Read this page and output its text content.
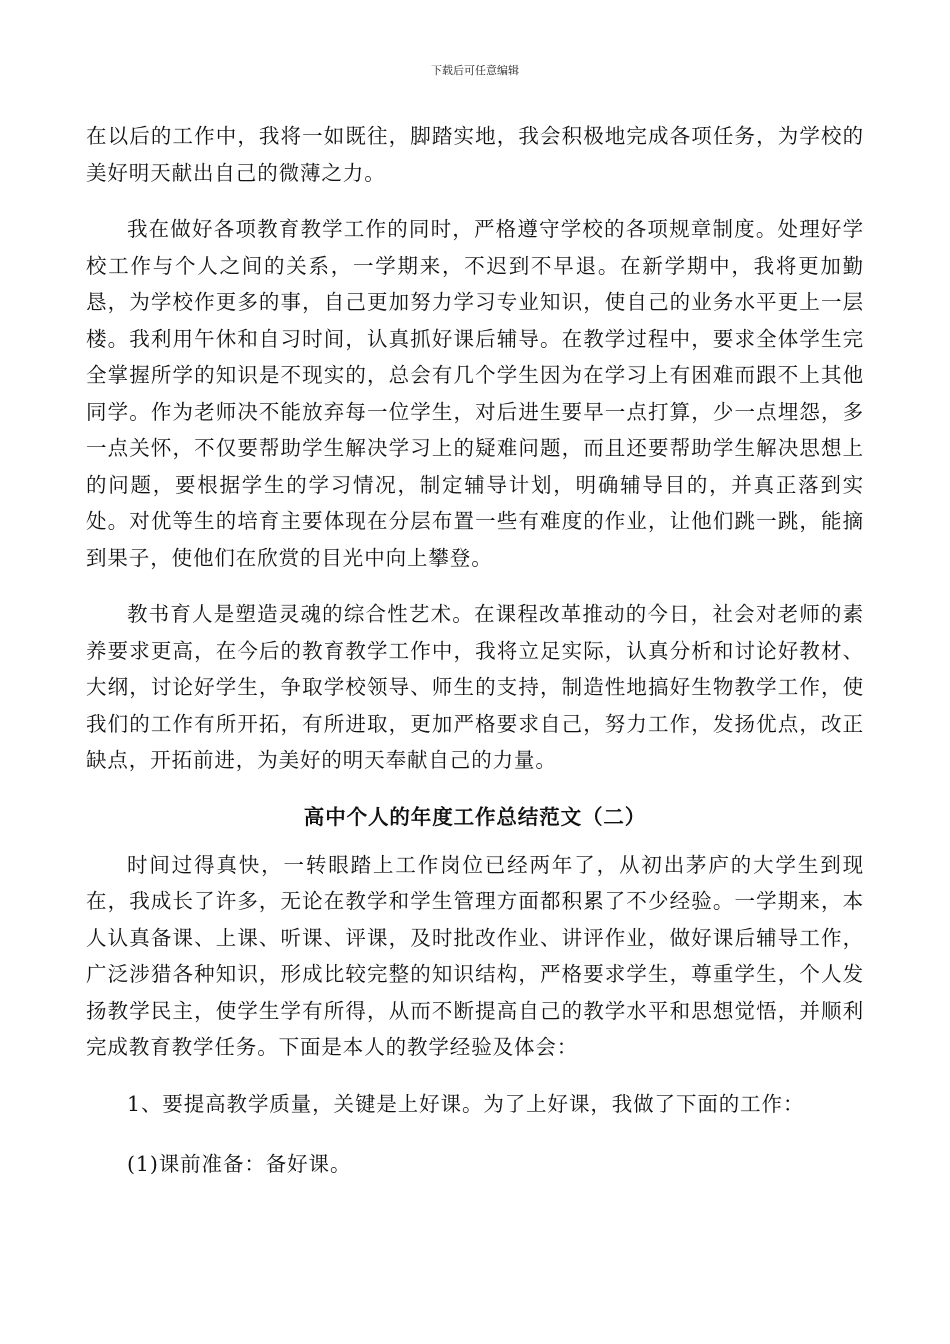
下载后可任意编辑

在以后的工作中，我将一如既往，脚踏实地，我会积极地完成各项任务，为学校的美好明天献出自己的微薄之力。

我在做好各项教育教学工作的同时，严格遵守学校的各项规章制度。处理好学校工作与个人之间的关系，一学期来，不迟到不早退。在新学期中，我将更加勤恳，为学校作更多的事，自己更加努力学习专业知识，使自己的业务水平更上一层楼。我利用午休和自习时间，认真抓好课后辅导。在教学过程中，要求全体学生完全掌握所学的知识是不现实的，总会有几个学生因为在学习上有困难而跟不上其他同学。作为老师决不能放弃每一位学生，对后进生要早一点打算，少一点埋怨，多一点关怀，不仅要帮助学生解决学习上的疑难问题，而且还要帮助学生解决思想上的问题，要根据学生的学习情况，制定辅导计划，明确辅导目的，并真正落到实处。对优等生的培育主要体现在分层布置一些有难度的作业，让他们跳一跳，能摘到果子，使他们在欣赏的目光中向上攀登。

教书育人是塑造灵魂的综合性艺术。在课程改革推动的今日，社会对老师的素养要求更高，在今后的教育教学工作中，我将立足实际，认真分析和讨论好教材、大纲，讨论好学生，争取学校领导、师生的支持，制造性地搞好生物教学工作，使我们的工作有所开拓，有所进取，更加严格要求自己，努力工作，发扬优点，改正缺点，开拓前进，为美好的明天奉献自己的力量。

高中个人的年度工作总结范文（二）

时间过得真快，一转眼踏上工作岗位已经两年了，从初出茅庐的大学生到现在，我成长了许多，无论在教学和学生管理方面都积累了不少经验。一学期来，本人认真备课、上课、听课、评课，及时批改作业、讲评作业，做好课后辅导工作，广泛涉猎各种知识，形成比较完整的知识结构，严格要求学生，尊重学生，个人发扬教学民主，使学生学有所得，从而不断提高自己的教学水平和思想觉悟，并顺利完成教育教学任务。下面是本人的教学经验及体会：

1、要提高教学质量，关键是上好课。为了上好课，我做了下面的工作：

(1)课前准备：备好课。
